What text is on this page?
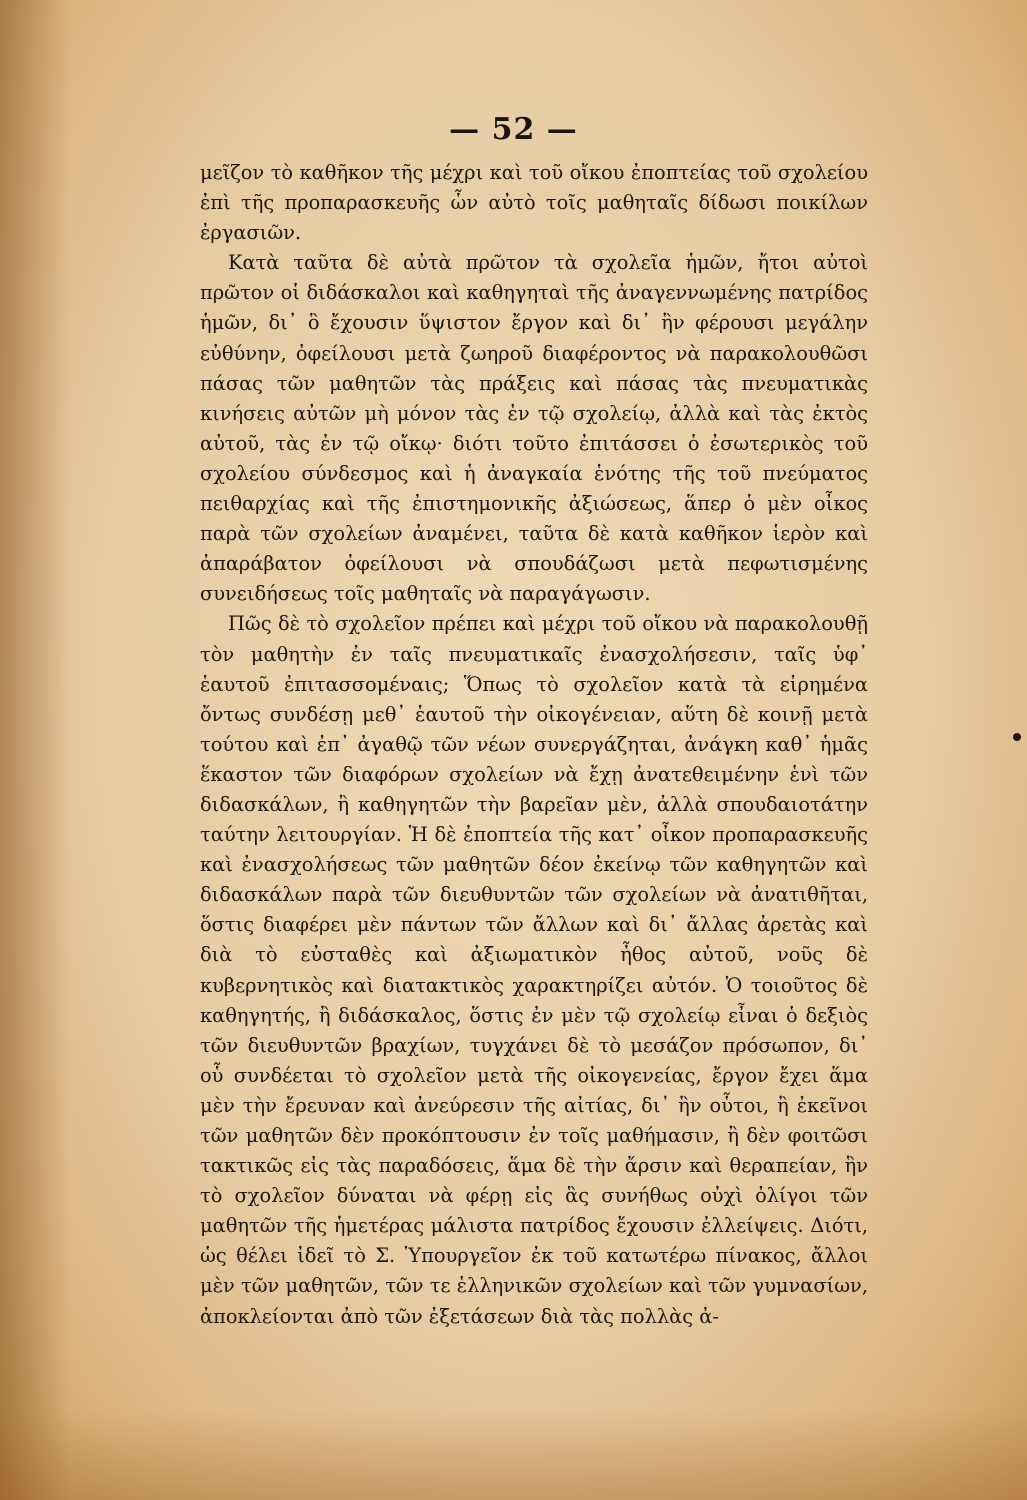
— 52 —

μεῖζον τὸ καθῆκον τῆς μέχρι καὶ τοῦ οἴκου ἐποπτείας τοῦ σχολείου ἐπὶ τῆς προπαρασκευῆς ὧν αὐτὸ τοῖς μαθηταῖς δίδωσι ποικίλων ἐργασιῶν.

Κατὰ ταῦτα δὲ αὐτὰ πρῶτον τὰ σχολεῖα ἡμῶν, ἤτοι αὐτοὶ πρῶτον οἱ διδάσκαλοι καὶ καθηγηταὶ τῆς ἀναγεννωμένης πατρίδος ἡμῶν, δι᾽ ὃ ἔχουσιν ὕψιστον ἔργον καὶ δι᾽ ἣν φέρουσι μεγάλην εὐθύνην, ὀφείλουσι μετὰ ζωηροῦ διαφέροντος νὰ παρακολουθῶσι πάσας τῶν μαθητῶν τὰς πράξεις καὶ πάσας τὰς πνευματικὰς κινήσεις αὐτῶν μὴ μόνον τὰς ἐν τῷ σχολείῳ, ἀλλὰ καὶ τὰς ἐκτὸς αὐτοῦ, τὰς ἐν τῷ οἴκῳ· διότι τοῦτο ἐπιτάσσει ὁ ἐσωτερικὸς τοῦ σχολείου σύνδεσμος καὶ ἡ ἀναγκαία ἑνότης τῆς τοῦ πνεύματος πειθαρχίας καὶ τῆς ἐπιστημονικῆς ἀξιώσεως, ἅπερ ὁ μὲν οἶκος παρὰ τῶν σχολείων ἀναμένει, ταῦτα δὲ κατὰ καθῆκον ἱερὸν καὶ ἀπαράβατον ὀφείλουσι νὰ σπουδάζωσι μετὰ πεφωτισμένης συνειδήσεως τοῖς μαθηταῖς νὰ παραγάγωσιν.

Πῶς δὲ τὸ σχολεῖον πρέπει καὶ μέχρι τοῦ οἴκου νὰ παρακολουθῇ τὸν μαθητὴν ἐν ταῖς πνευματικαῖς ἐνασχολήσεσιν, ταῖς ὑφ᾽ ἑαυτοῦ ἐπιτασσομέναις; Ὅπως τὸ σχολεῖον κατὰ τὰ εἰρημένα ὄντως συνδέσῃ μεθ᾽ ἑαυτοῦ τὴν οἰκογένειαν, αὕτη δὲ κοινῇ μετὰ τούτου καὶ ἐπ᾽ ἀγαθῷ τῶν νέων συνεργάζηται, ἀνάγκη καθ᾽ ἡμᾶς ἕκαστον τῶν διαφόρων σχολείων νὰ ἔχῃ ἀνατεθειμένην ἑνὶ τῶν διδασκάλων, ἢ καθηγητῶν τὴν βαρεῖαν μὲν, ἀλλὰ σπουδαιοτάτην ταύτην λειτουργίαν. Ἡ δὲ ἐποπτεία τῆς κατ᾽ οἶκον προπαρασκευῆς καὶ ἐνασχολήσεως τῶν μαθητῶν δέον ἐκείνῳ τῶν καθηγητῶν καὶ διδασκάλων παρὰ τῶν διευθυντῶν τῶν σχολείων νὰ ἀνατιθῆται, ὅστις διαφέρει μὲν πάντων τῶν ἄλλων καὶ δι᾽ ἄλλας ἀρετὰς καὶ διὰ τὸ εὐσταθὲς καὶ ἀξιωματικὸν ἦθος αὐτοῦ, νοῦς δὲ κυβερνητικὸς καὶ διατακτικὸς χαρακτηρίζει αὐτόν. Ὁ τοιοῦτος δὲ καθηγητής, ἢ διδάσκαλος, ὅστις ἐν μὲν τῷ σχολείῳ εἶναι ὁ δεξιὸς τῶν διευθυντῶν βραχίων, τυγχάνει δὲ τὸ μεσάζον πρόσωπον, δι᾽ οὗ συνδέεται τὸ σχολεῖον μετὰ τῆς οἰκογενείας, ἔργον ἔχει ἅμα μὲν τὴν ἔρευναν καὶ ἀνεύρεσιν τῆς αἰτίας, δι᾽ ἣν οὗτοι, ἢ ἐκεῖνοι τῶν μαθητῶν δὲν προκόπτουσιν ἐν τοῖς μαθήμασιν, ἢ δὲν φοιτῶσι τακτικῶς εἰς τὰς παραδόσεις, ἅμα δὲ τὴν ἄρσιν καὶ θεραπείαν, ἣν τὸ σχολεῖον δύναται νὰ φέρῃ εἰς ἃς συνήθως οὐχὶ ὀλίγοι τῶν μαθητῶν τῆς ἡμετέρας μάλιστα πατρίδος ἔχουσιν ἐλλείψεις. Διότι, ὡς θέλει ἰδεῖ τὸ Σ. Ὑπουργεῖον ἐκ τοῦ κατωτέρω πίνακος, ἄλλοι μὲν τῶν μαθητῶν, τῶν τε ἑλληνικῶν σχολείων καὶ τῶν γυμνασίων, ἀποκλείονται ἀπὸ τῶν ἐξετάσεων διὰ τὰς πολλὰς ἀ-
